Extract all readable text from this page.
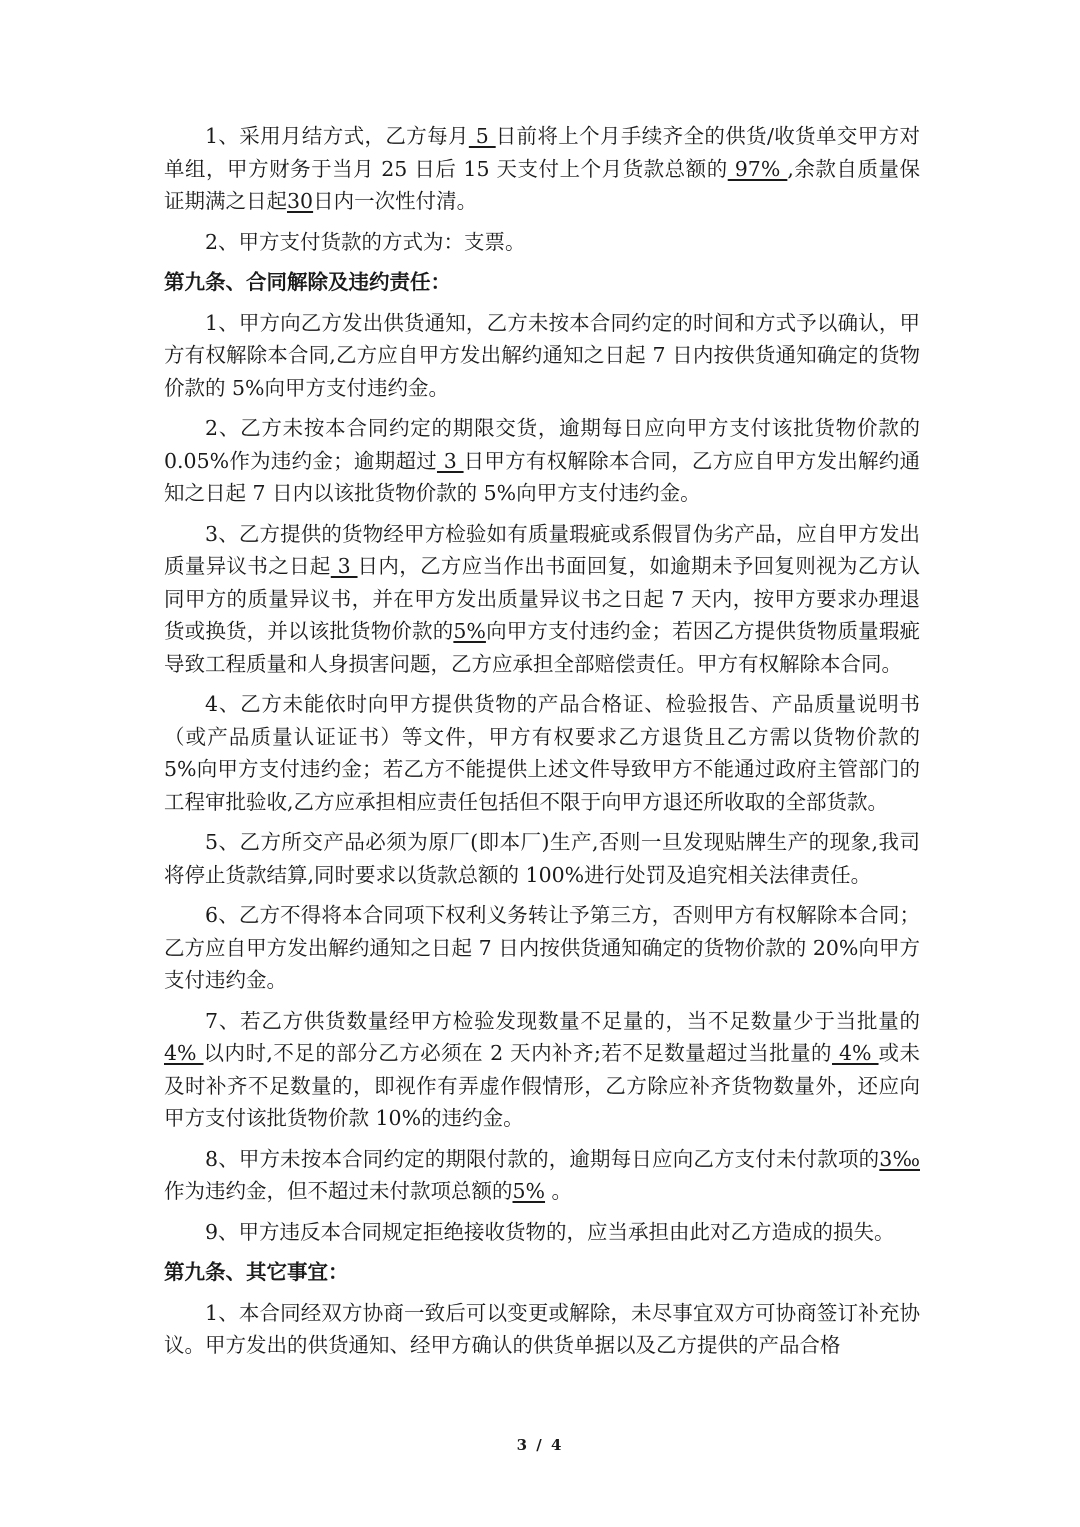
1、采用月结方式，乙方每月 5 日前将上个月手续齐全的供货/收货单交甲方对单组，甲方财务于当月 25 日后 15 天支付上个月货款总额的 97% ,余款自质量保证期满之日起30日内一次性付清。

2、甲方支付货款的方式为：支票。

第九条、合同解除及违约责任：

1、甲方向乙方发出供货通知，乙方未按本合同约定的时间和方式予以确认，甲方有权解除本合同,乙方应自甲方发出解约通知之日起 7 日内按供货通知确定的货物价款的 5%向甲方支付违约金。

2、乙方未按本合同约定的期限交货，逾期每日应向甲方支付该批货物价款的 0.05%作为违约金；逾期超过 3 日甲方有权解除本合同，乙方应自甲方发出解约通知之日起 7 日内以该批货物价款的 5%向甲方支付违约金。

3、乙方提供的货物经甲方检验如有质量瑕疵或系假冒伪劣产品，应自甲方发出质量异议书之日起 3 日内，乙方应当作出书面回复，如逾期未予回复则视为乙方认同甲方的质量异议书，并在甲方发出质量异议书之日起 7 天内，按甲方要求办理退货或换货，并以该批货物价款的5%向甲方支付违约金；若因乙方提供货物质量瑕疵导致工程质量和人身损害问题，乙方应承担全部赔偿责任。甲方有权解除本合同。

4、乙方未能依时向甲方提供货物的产品合格证、检验报告、产品质量说明书（或产品质量认证证书）等文件，甲方有权要求乙方退货且乙方需以货物价款的 5%向甲方支付违约金；若乙方不能提供上述文件导致甲方不能通过政府主管部门的工程审批验收,乙方应承担相应责任包括但不限于向甲方退还所收取的全部货款。

5、乙方所交产品必须为原厂(即本厂)生产,否则一旦发现贴牌生产的现象,我司将停止货款结算,同时要求以货款总额的 100%进行处罚及追究相关法律责任。

6、乙方不得将本合同项下权利义务转让予第三方，否则甲方有权解除本合同；乙方应自甲方发出解约通知之日起 7 日内按供货通知确定的货物价款的 20%向甲方支付违约金。

7、若乙方供货数量经甲方检验发现数量不足量的，当不足数量少于当批量的 4% 以内时,不足的部分乙方必须在 2 天内补齐;若不足数量超过当批量的 4% 或未及时补齐不足数量的，即视作有弄虚作假情形，乙方除应补齐货物数量外，还应向甲方支付该批货物价款 10%的违约金。

8、甲方未按本合同约定的期限付款的，逾期每日应向乙方支付未付款项的3‰作为违约金，但不超过未付款项总额的5% 。

9、甲方违反本合同规定拒绝接收货物的，应当承担由此对乙方造成的损失。

第九条、其它事宜：

1、本合同经双方协商一致后可以变更或解除，未尽事宜双方可协商签订补充协议。甲方发出的供货通知、经甲方确认的供货单据以及乙方提供的产品合格

3 / 4
